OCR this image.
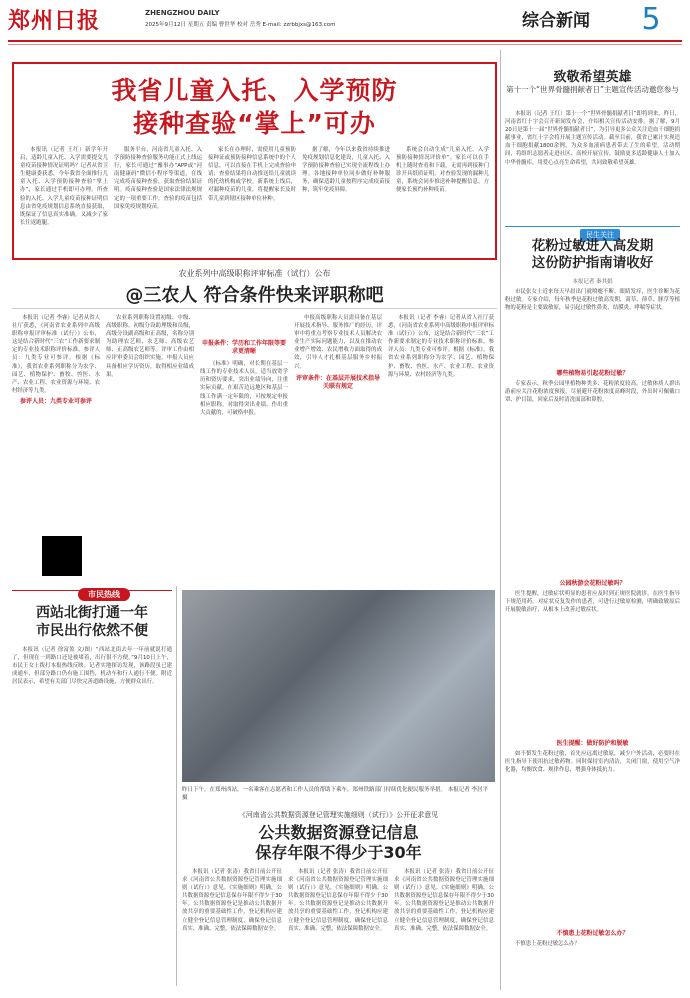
郑州日报	ZHENGZHOU DAILY
2025年9月12日 星期五 责编 曹世华 校对 岳秀 E-mail: zzrbbjxs@163.com	综合新闻	5
我省儿童入托、入学预防
接种查验“掌上”可办

本报讯（记者 王红）新学年开启，适龄儿童入托、入学需要提交儿童疫苗接种情况证明吗？记者从省卫生健康委获悉，今年我省全面推行儿童入托、入学预防接种查验“掌上办”，家长通过手机即可办理。所查验的入托、入学儿童疫苗接种证明信息由省免疫规划信息系统直接获取，既保证了信息真实准确，又减少了家长往返跑腿。

服务平台，河南省儿童入托、入学预防接种查验服务功能正式上线运行，家长可通过“豫事办”APP或“河南健康码”微信小程序等渠道，在线完成疫苗接种查验，获取查验结果证明。疫苗接种查验是国家法律法规规定的一项重要工作，查验的疫苗包括国家免疫规划疫苗。

家长在办理时，需使用儿童预防接种证或预防接种信息系统中的个人信息，可以直接在手机上完成查验申请；查验结果将自动推送给儿童就读的托幼机构或学校。新系统上线后，对漏种疫苗的儿童，将提醒家长及时带儿童到辖区接种单位补种。

据了解，今年以来我省持续推进免疫规划信息化建设，儿童入托、入学预防接种查验已实现全流程线上办理。各地接种单位同步做好补种服务，确保适龄儿童按程序完成疫苗接种，筑牢免疫屏障。

系统会自动生成“儿童入托、入学预防接种情况评价单”。家长可以在手机上随时查看和下载，无需再到接种门诊开具纸质证明。对查验发现的漏种儿童，系统会同步推送补种提醒信息，方便家长预约补种疫苗。

致敬希望英雄
第十一个“世界骨髓捐献者日”主题宣传活动邀您参与

本报讯（记者 王红）第十一个“世界骨髓捐献者日”即将到来，昨日，河南省红十字会召开新闻发布会，介绍相关宣传活动安排。据了解，9月20日是第十一届“世界骨髓捐献者日”，为引导更多公众关注造血干细胞捐献事业，省红十字会将开展主题宣传活动。截至目前，我省已累计实现造血干细胞捐献1800余例，为众多血液病患者带去了生的希望。活动期间，将组织志愿者走进社区、高校开展宣传，鼓励更多适龄健康人士加入中华骨髓库，用爱心点亮生命希望，共同致敬希望英雄。

民生关注
花粉过敏进入高发期
这份防护指南请收好
本报记者 秦其娟

市民张女士近来每天早晨出门就喷嚏不断、眼睛发痒，医生诊断为花粉过敏。专家介绍，每年秋季是花粉过敏高发期，蒿草、葎草、豚草等植物的花粉是主要致敏原，易引起过敏性鼻炎、结膜炎、哮喘等症状。

哪些植物易引起花粉过敏？

专家表示，秋季公园里植物种类多、花粉浓度较高，过敏体质人群出游前应关注花粉浓度预报，尽量避开花粉浓度高峰时段，外出时可佩戴口罩、护目镜，回家后及时清洗面部和鼻腔。

公园秋游会花粉过敏吗？

医生提醒，过敏症状明显的患者应及时到正规医院就诊，在医生指导下规范用药。对症状反复发作的患者，可进行过敏原检测，明确致敏原后开展脱敏治疗，从根本上改善过敏症状。

医生提醒：做好防护和脱敏

如不慎发生花粉过敏，首先应远离过敏原，减少户外活动，必要时在医生指导下使用抗过敏药物。同时保持室内清洁，关闭门窗，使用空气净化器，均衡饮食、规律作息，增强身体抵抗力。

不慎患上花粉过敏怎么办？

不慎患上花粉过敏怎么办？

农业系列中高级职称评审标准（试行）公布
@三农人 符合条件快来评职称吧

本报讯（记者 李睿）记者从省人社厅获悉，《河南省农业系列中高级职称申报评审标准（试行）》公布，这是结合新时代“三农”工作新要求制定的专业技术职称评价标准。参评人员：九类专业可参评。根据《标准》，我省农业系列职称分为农学、园艺、植物保护、畜牧、兽医、水产、农业工程、农业资源与环境、农村经济等九类。

参评人员：九类专业可参评

农业系列职称设置初级、中级、高级职称。初级分设助理级和员级，高级分设副高级和正高级，名称分别为助理农艺师、农艺师、高级农艺师、正高级农艺师等。评审工作由相应评审委员会组织实施，申报人员应具备相应学历资历，取得相应业绩成果。

申报条件：学历和工作年限等要求更清晰

《标准》明确，对长期在基层一线工作的专业技术人员，适当放宽学历和资历要求，突出业绩导向，注重实际贡献。在艰苦边远地区和基层一线工作满一定年限的，可按规定申报相应职称。对取得突出业绩、作出重大贡献的，可破格申报。

申报高级职称人员需具备在基层开展技术指导、服务推广的经历。评审中将重点考察专业技术人员解决农业生产实际问题能力，以及在推动农业增产增效、农民增收方面取得的成效，引导人才扎根基层服务乡村振兴。

评审条件：在基层开展技术指导关联有规定

本报讯（记者 李睿）记者从省人社厅获悉，《河南省农业系列中高级职称申报评审标准（试行）》公布，这是结合新时代“三农”工作新要求制定的专业技术职称评价标准。参评人员：九类专业可参评。根据《标准》，我省农业系列职称分为农学、园艺、植物保护、畜牧、兽医、水产、农业工程、农业资源与环境、农村经济等九类。

市民热线
西站北街打通一年
市民出行依然不便

本报讯（记者 徐富盈 文/图）“西站北街去年一年前就说打通了，但现在一到路口还是被堵着，出行很不方便。”9月10日上午，市民王女士拨打本报热线反映。记者实地探访发现，该路段虽已建成通车，但部分路口仍有施工围挡，机动车和行人通行不便。附近居民表示，希望有关部门尽快完善道路设施，方便群众出行。

昨日下午，在郑州西站，一名乘客在志愿者和工作人员的帮助下乘车，郑州铁路部门持续优化便民服务举措。 本报记者 李居平 摄
《河南省公共数据资源登记管理实施细则（试行）》公开征求意见
公共数据资源登记信息
保存年限不得少于30年

本报讯（记者 张涛）我省日前公开征求《河南省公共数据资源登记管理实施细则（试行）》意见。《实施细则》明确，公共数据资源登记信息保存年限不得少于30年。公共数据资源登记是推动公共数据开放共享的重要基础性工作，登记机构应建立健全登记信息管理制度，确保登记信息真实、准确、完整，依法保障数据安全。

本报讯（记者 张涛）我省日前公开征求《河南省公共数据资源登记管理实施细则（试行）》意见。《实施细则》明确，公共数据资源登记信息保存年限不得少于30年。公共数据资源登记是推动公共数据开放共享的重要基础性工作，登记机构应建立健全登记信息管理制度，确保登记信息真实、准确、完整，依法保障数据安全。

本报讯（记者 张涛）我省日前公开征求《河南省公共数据资源登记管理实施细则（试行）》意见。《实施细则》明确，公共数据资源登记信息保存年限不得少于30年。公共数据资源登记是推动公共数据开放共享的重要基础性工作，登记机构应建立健全登记信息管理制度，确保登记信息真实、准确、完整，依法保障数据安全。
